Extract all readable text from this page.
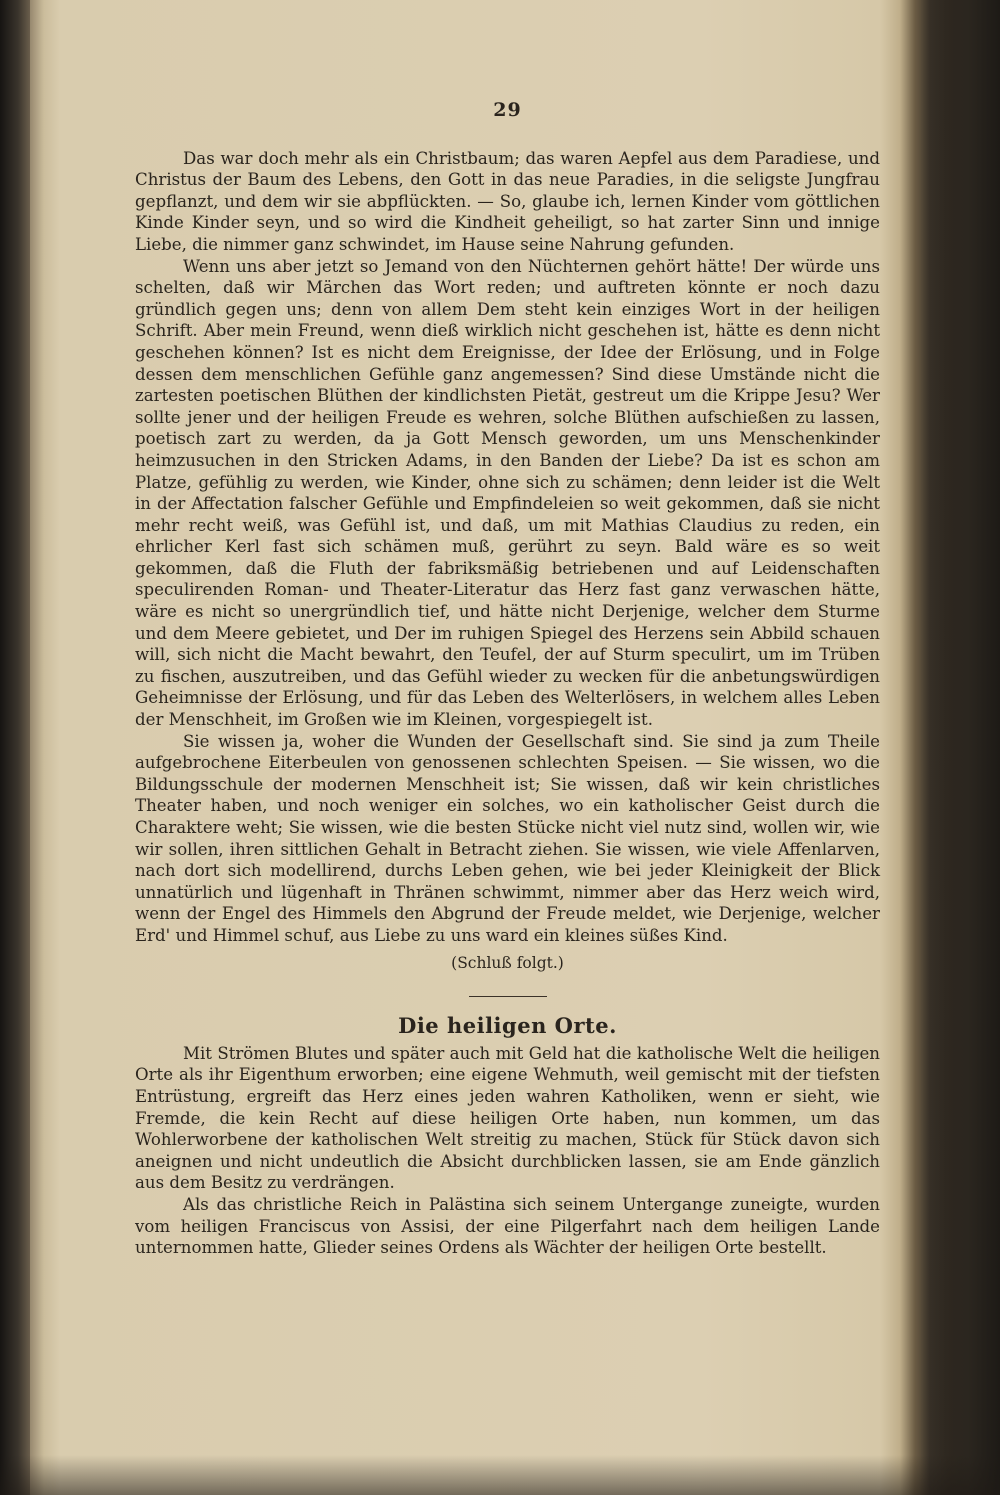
29

Das war doch mehr als ein Christbaum; das waren Aepfel aus dem Paradiese, und Christus der Baum des Lebens, den Gott in das neue Paradies, in die seligste Jungfrau gepflanzt, und dem wir sie abpflückten. — So, glaube ich, lernen Kinder vom göttlichen Kinde Kinder seyn, und so wird die Kindheit geheiligt, so hat zarter Sinn und innige Liebe, die nimmer ganz schwindet, im Hause seine Nahrung gefunden.

Wenn uns aber jetzt so Jemand von den Nüchternen gehört hätte! Der würde uns schelten, daß wir Märchen das Wort reden; und auftreten könnte er noch dazu gründlich gegen uns; denn von allem Dem steht kein einziges Wort in der heiligen Schrift. Aber mein Freund, wenn dieß wirklich nicht geschehen ist, hätte es denn nicht geschehen können? Ist es nicht dem Ereignisse, der Idee der Erlösung, und in Folge dessen dem menschlichen Gefühle ganz angemessen? Sind diese Umstände nicht die zartesten poetischen Blüthen der kindlichsten Pietät, gestreut um die Krippe Jesu? Wer sollte jener und der heiligen Freude es wehren, solche Blüthen aufschießen zu lassen, poetisch zart zu werden, da ja Gott Mensch geworden, um uns Menschenkinder heimzusuchen in den Stricken Adams, in den Banden der Liebe? Da ist es schon am Platze, gefühlig zu werden, wie Kinder, ohne sich zu schämen; denn leider ist die Welt in der Affectation falscher Gefühle und Empfindeleien so weit gekommen, daß sie nicht mehr recht weiß, was Gefühl ist, und daß, um mit Mathias Claudius zu reden, ein ehrlicher Kerl fast sich schämen muß, gerührt zu seyn. Bald wäre es so weit gekommen, daß die Fluth der fabriksmäßig betriebenen und auf Leidenschaften speculirenden Roman- und Theater-Literatur das Herz fast ganz verwaschen hätte, wäre es nicht so unergründlich tief, und hätte nicht Derjenige, welcher dem Sturme und dem Meere gebietet, und Der im ruhigen Spiegel des Herzens sein Abbild schauen will, sich nicht die Macht bewahrt, den Teufel, der auf Sturm speculirt, um im Trüben zu fischen, auszutreiben, und das Gefühl wieder zu wecken für die anbetungswürdigen Geheimnisse der Erlösung, und für das Leben des Welterlösers, in welchem alles Leben der Menschheit, im Großen wie im Kleinen, vorgespiegelt ist.

Sie wissen ja, woher die Wunden der Gesellschaft sind. Sie sind ja zum Theile aufgebrochene Eiterbeulen von genossenen schlechten Speisen. — Sie wissen, wo die Bildungsschule der modernen Menschheit ist; Sie wissen, daß wir kein christliches Theater haben, und noch weniger ein solches, wo ein katholischer Geist durch die Charaktere weht; Sie wissen, wie die besten Stücke nicht viel nutz sind, wollen wir, wie wir sollen, ihren sittlichen Gehalt in Betracht ziehen. Sie wissen, wie viele Affenlarven, nach dort sich modellirend, durchs Leben gehen, wie bei jeder Kleinigkeit der Blick unnatürlich und lügenhaft in Thränen schwimmt, nimmer aber das Herz weich wird, wenn der Engel des Himmels den Abgrund der Freude meldet, wie Derjenige, welcher Erd' und Himmel schuf, aus Liebe zu uns ward ein kleines süßes Kind.

(Schluß folgt.)
Die heiligen Orte.

Mit Strömen Blutes und später auch mit Geld hat die katholische Welt die heiligen Orte als ihr Eigenthum erworben; eine eigene Wehmuth, weil gemischt mit der tiefsten Entrüstung, ergreift das Herz eines jeden wahren Katholiken, wenn er sieht, wie Fremde, die kein Recht auf diese heiligen Orte haben, nun kommen, um das Wohlerworbene der katholischen Welt streitig zu machen, Stück für Stück davon sich aneignen und nicht undeutlich die Absicht durchblicken lassen, sie am Ende gänzlich aus dem Besitz zu verdrängen.

Als das christliche Reich in Palästina sich seinem Untergange zuneigte, wurden vom heiligen Franciscus von Assisi, der eine Pilgerfahrt nach dem heiligen Lande unternommen hatte, Glieder seines Ordens als Wächter der heiligen Orte bestellt.
